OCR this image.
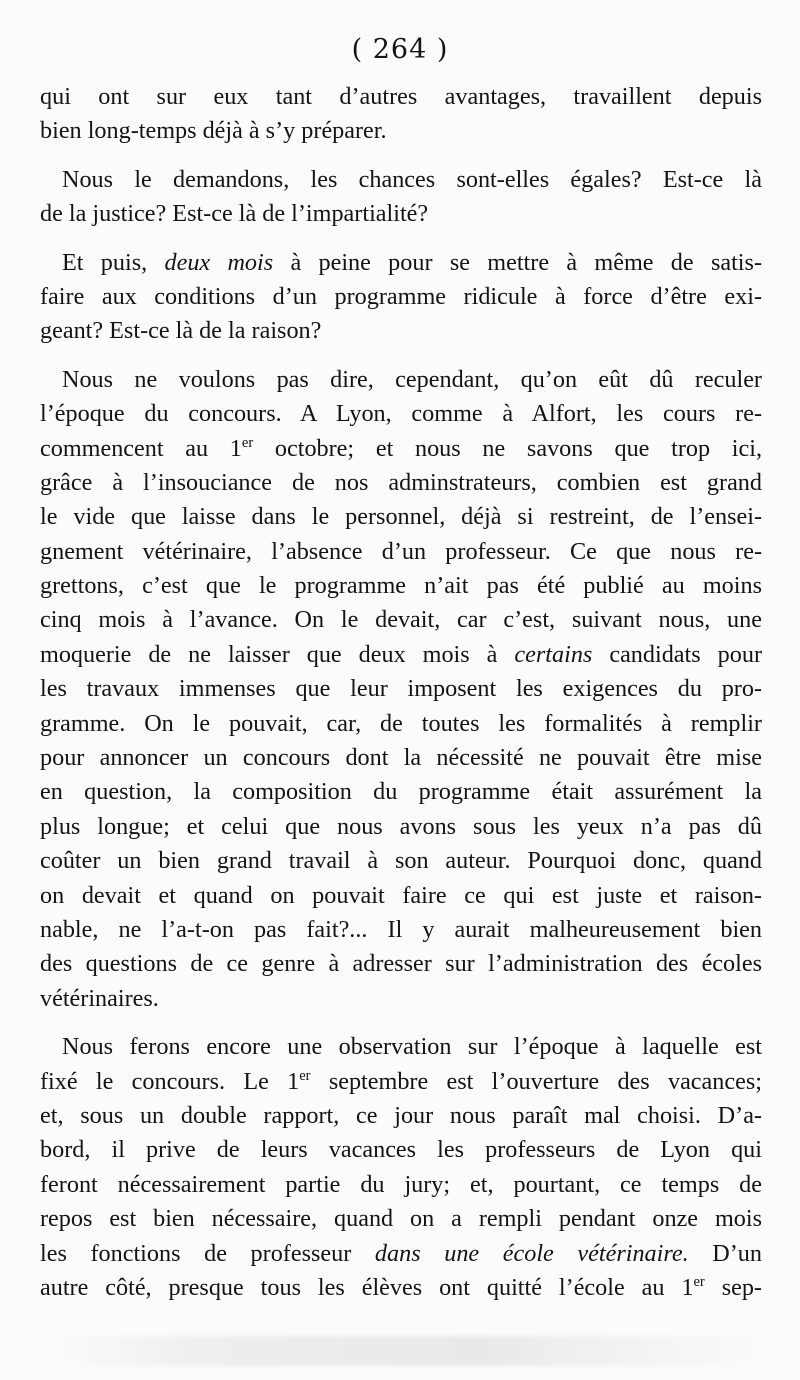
( 264 )
qui ont sur eux tant d’autres avantages, travaillent depuis
bien long-temps déjà à s’y préparer.
Nous le demandons, les chances sont-elles égales? Est-ce là
de la justice? Est-ce là de l’impartialité?
Et puis, deux mois à peine pour se mettre à même de satis-
faire aux conditions d’un programme ridicule à force d’être exi-
geant? Est-ce là de la raison?
Nous ne voulons pas dire, cependant, qu’on eût dû reculer
l’époque du concours. A Lyon, comme à Alfort, les cours re-
commencent au 1er octobre; et nous ne savons que trop ici,
grâce à l’insouciance de nos adminstrateurs, combien est grand
le vide que laisse dans le personnel, déjà si restreint, de l’ensei-
gnement vétérinaire, l’absence d’un professeur. Ce que nous re-
grettons, c’est que le programme n’ait pas été publié au moins
cinq mois à l’avance. On le devait, car c’est, suivant nous, une
moquerie de ne laisser que deux mois à certains candidats pour
les travaux immenses que leur imposent les exigences du pro-
gramme. On le pouvait, car, de toutes les formalités à remplir
pour annoncer un concours dont la nécessité ne pouvait être mise
en question, la composition du programme était assurément la
plus longue; et celui que nous avons sous les yeux n’a pas dû
coûter un bien grand travail à son auteur. Pourquoi donc, quand
on devait et quand on pouvait faire ce qui est juste et raison-
nable, ne l’a-t-on pas fait?... Il y aurait malheureusement bien
des questions de ce genre à adresser sur l’administration des écoles
vétérinaires.
Nous ferons encore une observation sur l’époque à laquelle est
fixé le concours. Le 1er septembre est l’ouverture des vacances;
et, sous un double rapport, ce jour nous paraît mal choisi. D’a-
bord, il prive de leurs vacances les professeurs de Lyon qui
feront nécessairement partie du jury; et, pourtant, ce temps de
repos est bien nécessaire, quand on a rempli pendant onze mois
les fonctions de professeur dans une école vétérinaire. D’un
autre côté, presque tous les élèves ont quitté l’école au 1er sep-
